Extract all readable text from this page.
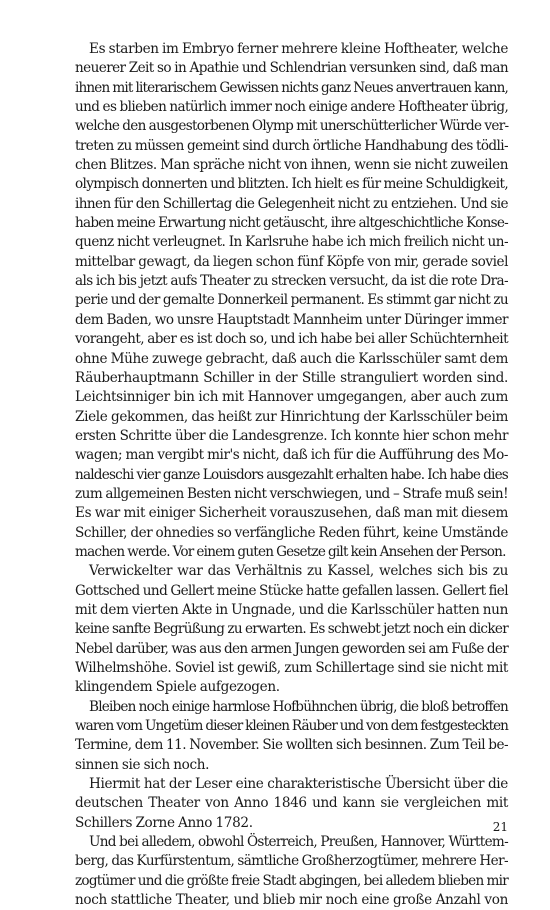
Es starben im Embryo ferner mehrere kleine Hoftheater, welche
neuerer Zeit so in Apathie und Schlendrian versunken sind, daß man
ihnen mit literarischem Gewissen nichts ganz Neues anvertrauen kann,
und es blieben natürlich immer noch einige andere Hoftheater übrig,
welche den ausgestorbenen Olymp mit unerschütterlicher Würde ver-
treten zu müssen gemeint sind durch örtliche Handhabung des tödli-
chen Blitzes. Man spräche nicht von ihnen, wenn sie nicht zuweilen
olympisch donnerten und blitzten. Ich hielt es für meine Schuldigkeit,
ihnen für den Schillertag die Gelegenheit nicht zu entziehen. Und sie
haben meine Erwartung nicht getäuscht, ihre altgeschichtliche Konse-
quenz nicht verleugnet. In Karlsruhe habe ich mich freilich nicht un-
mittelbar gewagt, da liegen schon fünf Köpfe von mir, gerade soviel
als ich bis jetzt aufs Theater zu strecken versucht, da ist die rote Dra-
perie und der gemalte Donnerkeil permanent. Es stimmt gar nicht zu
dem Baden, wo unsre Hauptstadt Mannheim unter Düringer immer
vorangeht, aber es ist doch so, und ich habe bei aller Schüchternheit
ohne Mühe zuwege gebracht, daß auch die Karlsschüler samt dem
Räuberhauptmann Schiller in der Stille stranguliert worden sind.
Leichtsinniger bin ich mit Hannover umgegangen, aber auch zum
Ziele gekommen, das heißt zur Hinrichtung der Karlsschüler beim
ersten Schritte über die Landesgrenze. Ich konnte hier schon mehr
wagen; man vergibt mir's nicht, daß ich für die Aufführung des Mo-
naldeschi vier ganze Louisdors ausgezahlt erhalten habe. Ich habe dies
zum allgemeinen Besten nicht verschwiegen, und – Strafe muß sein!
Es war mit einiger Sicherheit vorauszusehen, daß man mit diesem
Schiller, der ohnedies so verfängliche Reden führt, keine Umstände
machen werde. Vor einem guten Gesetze gilt kein Ansehen der Person.
Verwickelter war das Verhältnis zu Kassel, welches sich bis zu
Gottsched und Gellert meine Stücke hatte gefallen lassen. Gellert fiel
mit dem vierten Akte in Ungnade, und die Karlsschüler hatten nun
keine sanfte Begrüßung zu erwarten. Es schwebt jetzt noch ein dicker
Nebel darüber, was aus den armen Jungen geworden sei am Fuße der
Wilhelmshöhe. Soviel ist gewiß, zum Schillertage sind sie nicht mit
klingendem Spiele aufgezogen.
Bleiben noch einige harmlose Hofbühnchen übrig, die bloß betroffen
waren vom Ungetüm dieser kleinen Räuber und von dem festgesteckten
Termine, dem 11. November. Sie wollten sich besinnen. Zum Teil be-
sinnen sie sich noch.
Hiermit hat der Leser eine charakteristische Übersicht über die
deutschen Theater von Anno 1846 und kann sie vergleichen mit
Schillers Zorne Anno 1782.
Und bei alledem, obwohl Österreich, Preußen, Hannover, Württem-
berg, das Kurfürstentum, sämtliche Großherzogtümer, mehrere Her-
zogtümer und die größte freie Stadt abgingen, bei alledem blieben mir
noch stattliche Theater, und blieb mir noch eine große Anzahl von
21
